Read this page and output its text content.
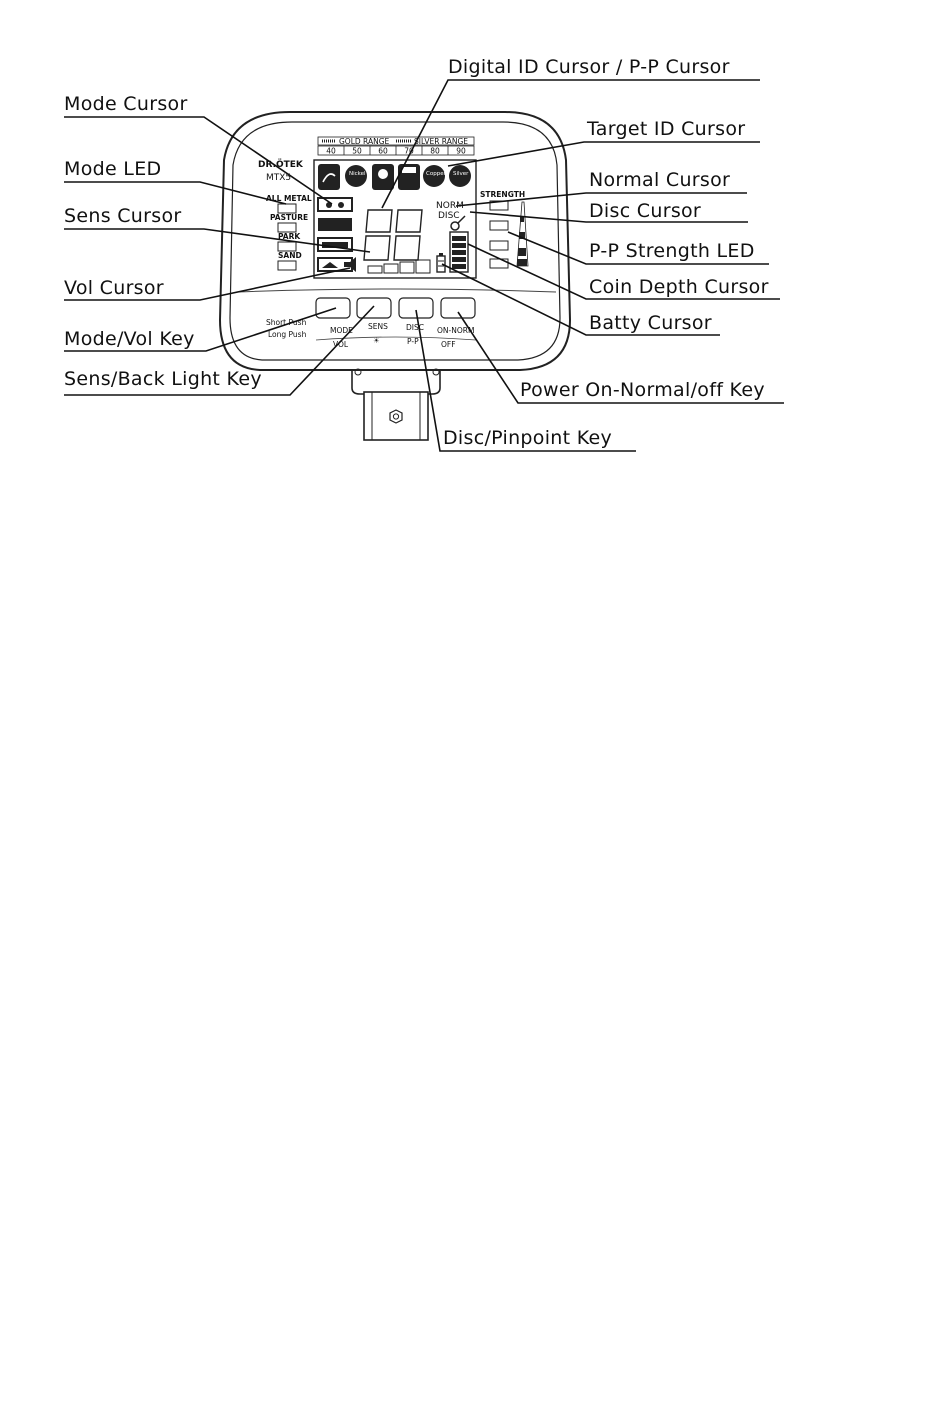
DR.ÖTEK
MTX5
GOLD RANGE	SILVER RANGE
40 50 60 70 80 90
Nickel	Copper Silver
NORM
DISC
ALL METAL
PASTURE
PARK
SAND
STRENGTH
Short Push
Long Push	MODE SENS DISC ON-NORM
VOL	☀	P-P	OFF
Digital ID Cursor / P-P Cursor
Mode Cursor
Target ID Cursor
Mode LED	Normal Cursor
Sens Cursor	Disc Cursor
P-P Strength LED
Vol Cursor	Coin Depth Cursor
Mode/Vol Key
Batty Cursor
Sens/Back Light Key	Power On-Normal/off Key
Disc/Pinpoint Key
